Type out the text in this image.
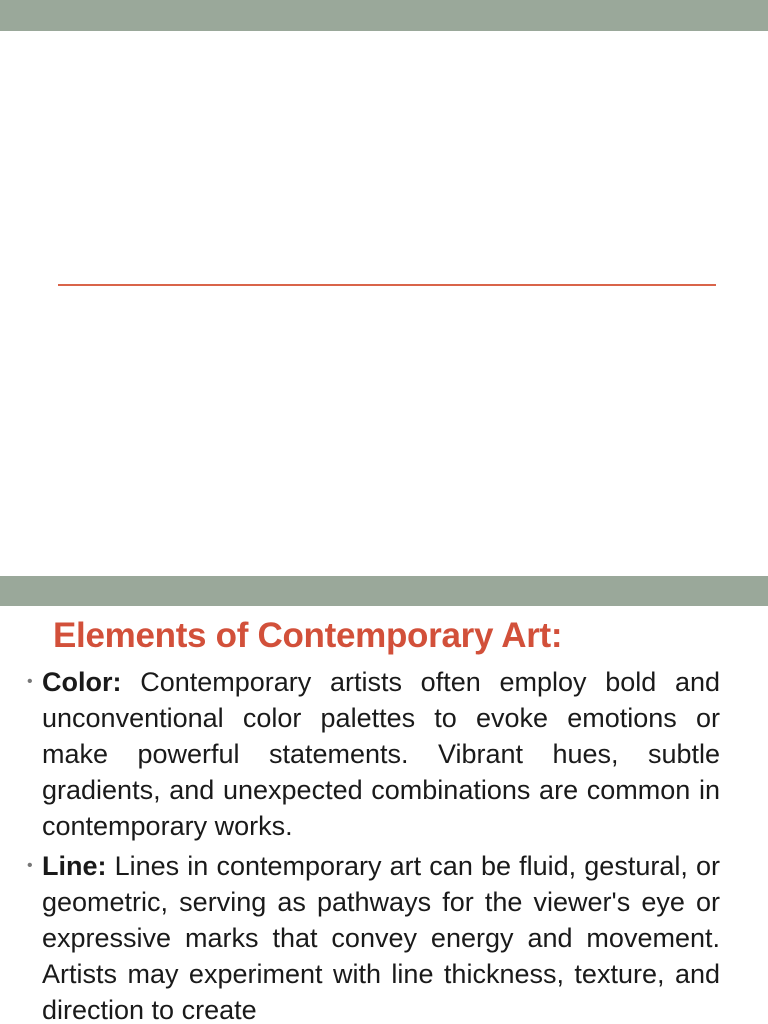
Elements of Contemporary Art:
• Color: Contemporary artists often employ bold and unconventional color palettes to evoke emotions or make powerful statements. Vibrant hues, subtle gradients, and unexpected combinations are common in contemporary works.
• Line: Lines in contemporary art can be fluid, gestural, or geometric, serving as pathways for the viewer's eye or expressive marks that convey energy and movement. Artists may experiment with line thickness, texture, and direction to create
